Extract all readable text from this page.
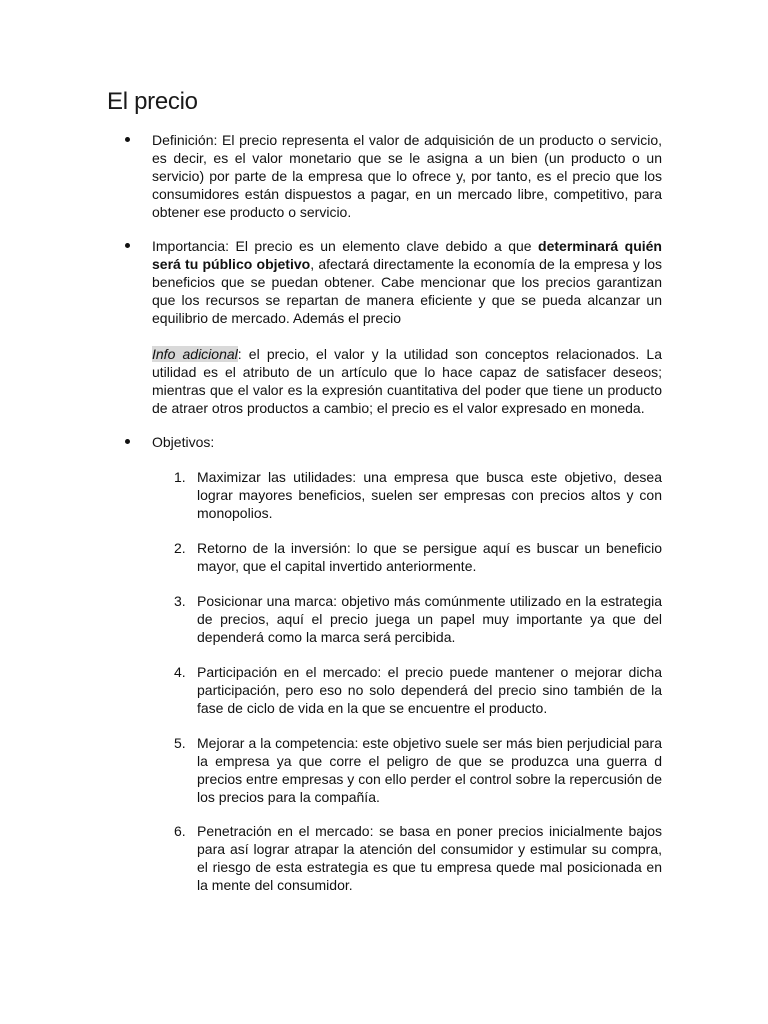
El precio
Definición: El precio representa el valor de adquisición de un producto o servicio, es decir, es el valor monetario que se le asigna a un bien (un producto o un servicio) por parte de la empresa que lo ofrece y, por tanto, es el precio que los consumidores están dispuestos a pagar, en un mercado libre, competitivo, para obtener ese producto o servicio.
Importancia: El precio es un elemento clave debido a que determinará quién será tu público objetivo, afectará directamente la economía de la empresa y los beneficios que se puedan obtener. Cabe mencionar que los precios garantizan que los recursos se repartan de manera eficiente y que se pueda alcanzar un equilibrio de mercado. Además el precio
Info adicional: el precio, el valor y la utilidad son conceptos relacionados. La utilidad es el atributo de un artículo que lo hace capaz de satisfacer deseos; mientras que el valor es la expresión cuantitativa del poder que tiene un producto de atraer otros productos a cambio; el precio es el valor expresado en moneda.
Objetivos:
1. Maximizar las utilidades: una empresa que busca este objetivo, desea lograr mayores beneficios, suelen ser empresas con precios altos y con monopolios.
2. Retorno de la inversión: lo que se persigue aquí es buscar un beneficio mayor, que el capital invertido anteriormente.
3. Posicionar una marca: objetivo más comúnmente utilizado en la estrategia de precios, aquí el precio juega un papel muy importante ya que del dependerá como la marca será percibida.
4. Participación en el mercado: el precio puede mantener o mejorar dicha participación, pero eso no solo dependerá del precio sino también de la fase de ciclo de vida en la que se encuentre el producto.
5. Mejorar a la competencia: este objetivo suele ser más bien perjudicial para la empresa ya que corre el peligro de que se produzca una guerra d precios entre empresas y con ello perder el control sobre la repercusión de los precios para la compañía.
6. Penetración en el mercado: se basa en poner precios inicialmente bajos para así lograr atrapar la atención del consumidor y estimular su compra, el riesgo de esta estrategia es que tu empresa quede mal posicionada en la mente del consumidor.
